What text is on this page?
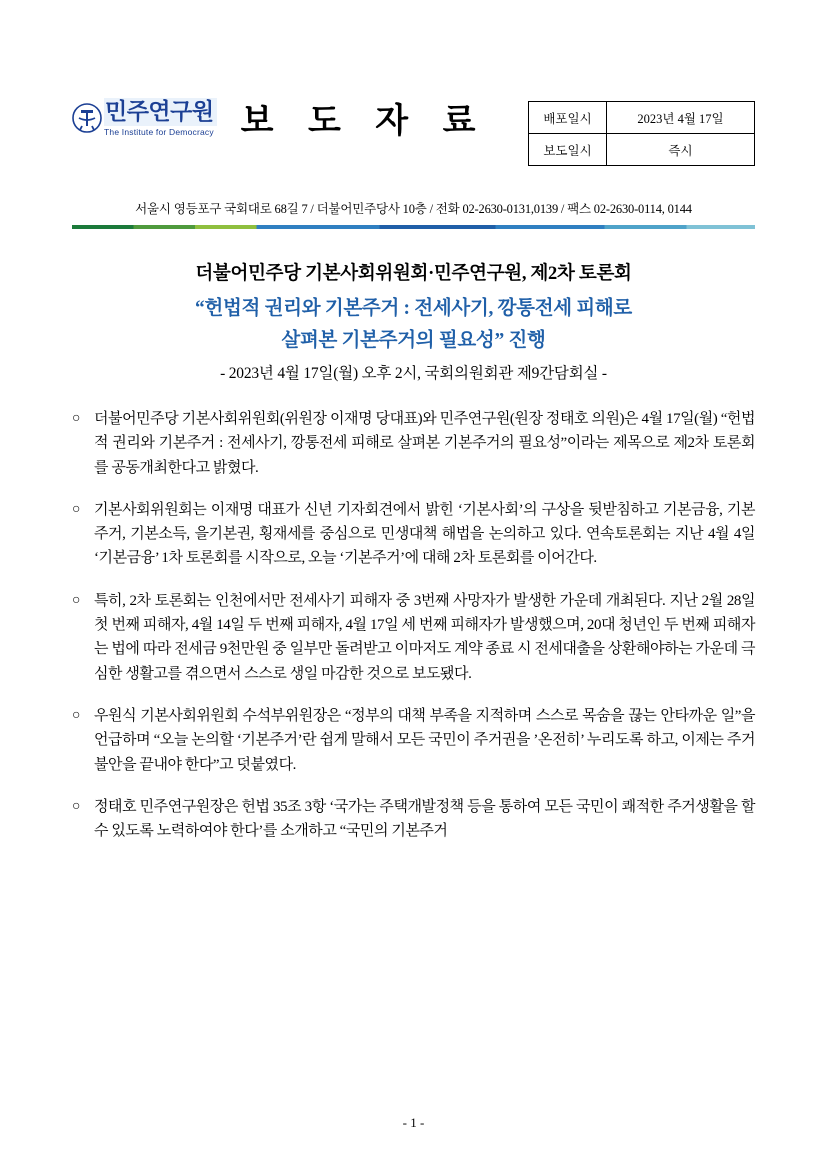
민주연구원
The Institute for Democracy 보 도 자 료	배포일시	2023년 4월 17일
보도일시	즉시
서울시 영등포구 국회대로 68길 7 / 더불어민주당사 10층 / 전화 02-2630-0131,0139 / 팩스 02-2630-0114, 0144
더불어민주당 기본사회위원회·민주연구원, 제2차 토론회
“헌법적 권리와 기본주거 : 전세사기, 깡통전세 피해로
살펴본 기본주거의 필요성” 진행
- 2023년 4월 17일(월) 오후 2시, 국회의원회관 제9간담회실 -
○ 더불어민주당 기본사회위원회(위원장 이재명 당대표)와 민주연구원(원장 정태호 의원)은 4월 17일(월) “헌법적 권리와 기본주거 : 전세사기, 깡통전세 피해로 살펴본 기본주거의 필요성”이라는 제목으로 제2차 토론회를 공동개최한다고 밝혔다.
○ 기본사회위원회는 이재명 대표가 신년 기자회견에서 밝힌 ‘기본사회’의 구상을 뒷받침하고 기본금융, 기본주거, 기본소득, 을기본권, 횡재세를 중심으로 민생대책 해법을 논의하고 있다. 연속토론회는 지난 4월 4일 ‘기본금융’ 1차 토론회를 시작으로, 오늘 ‘기본주거’에 대해 2차 토론회를 이어간다.
○ 특히, 2차 토론회는 인천에서만 전세사기 피해자 중 3번째 사망자가 발생한 가운데 개최된다. 지난 2월 28일 첫 번째 피해자, 4월 14일 두 번째 피해자, 4월 17일 세 번째 피해자가 발생했으며, 20대 청년인 두 번째 피해자는 법에 따라 전세금 9천만원 중 일부만 돌려받고 이마저도 계약 종료 시 전세대출을 상환해야하는 가운데 극심한 생활고를 겪으면서 스스로 생일 마감한 것으로 보도됐다.
○ 우원식 기본사회위원회 수석부위원장은 “정부의 대책 부족을 지적하며 스스로 목숨을 끊는 안타까운 일”을 언급하며 “오늘 논의할 ‘기본주거’란 쉽게 말해서 모든 국민이 주거권을 ’온전히’ 누리도록 하고, 이제는 주거 불안을 끝내야 한다”고 덧붙였다.
○ 정태호 민주연구원장은 헌법 35조 3항 ‘국가는 주택개발정책 등을 통하여 모든 국민이 쾌적한 주거생활을 할 수 있도록 노력하여야 한다’를 소개하고 “국민의 기본주거
- 1 -
